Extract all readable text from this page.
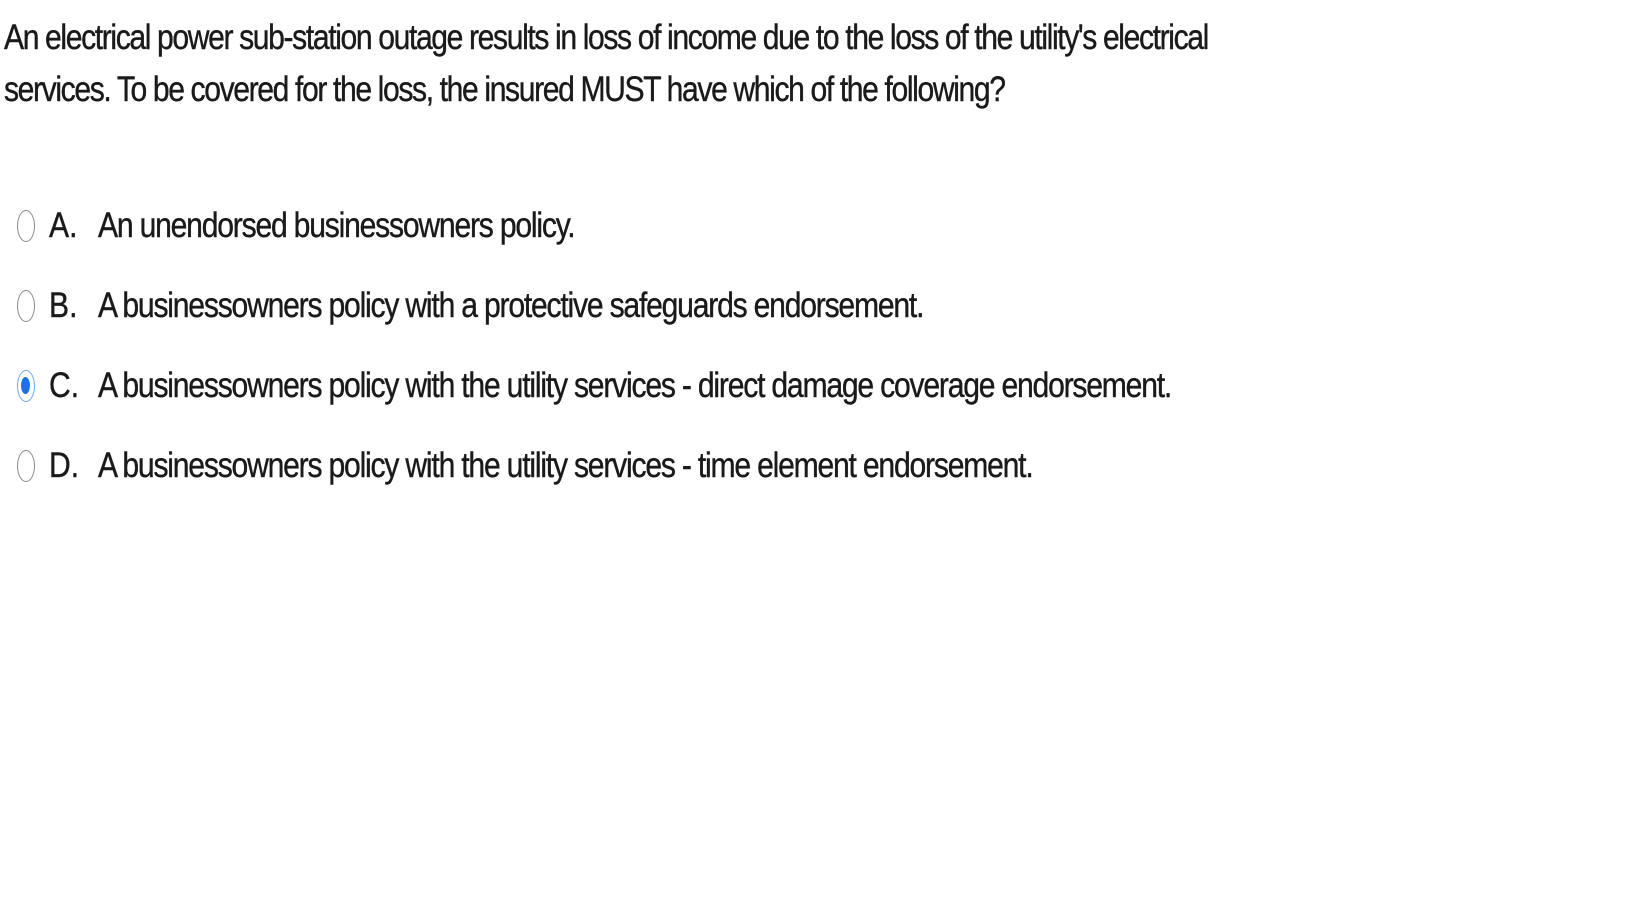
An electrical power sub-station outage results in loss of income due to the loss of the utility's electrical services. To be covered for the loss, the insured MUST have which of the following?
A. An unendorsed businessowners policy.
B. A businessowners policy with a protective safeguards endorsement.
C. A businessowners policy with the utility services - direct damage coverage endorsement.
D. A businessowners policy with the utility services - time element endorsement.
